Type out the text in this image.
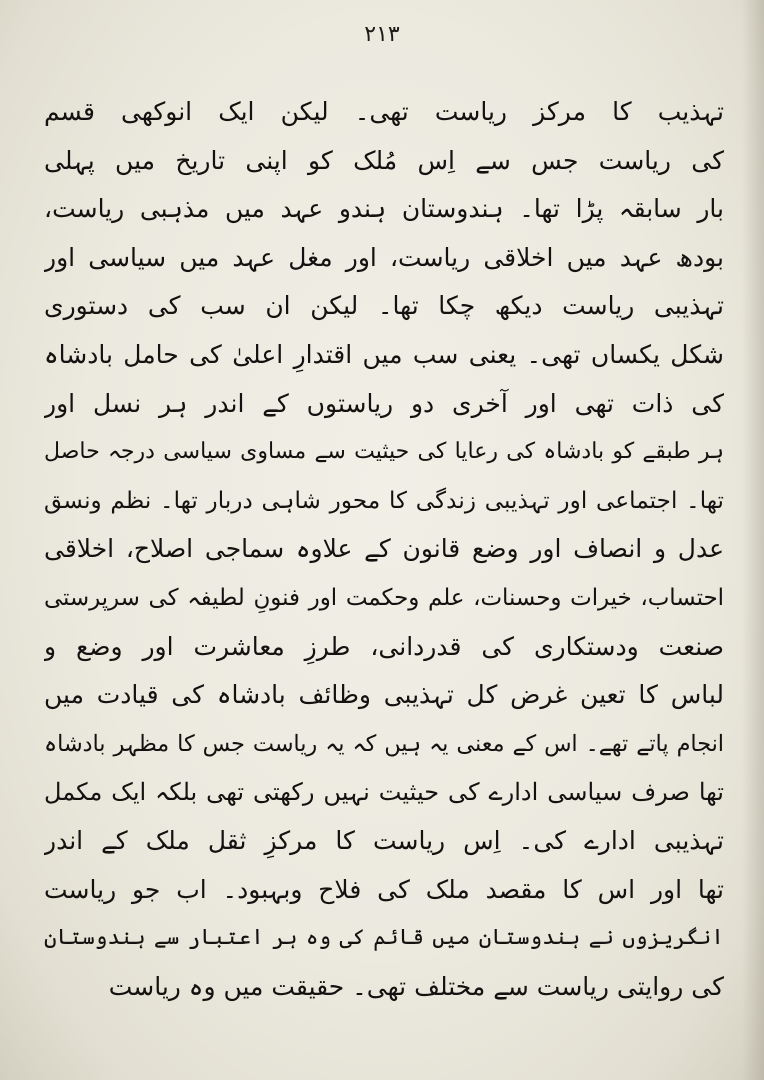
۲۱۳
تہذیب کا مرکز ریاست تھی۔ لیکن ایک انوکھی قسم
کی ریاست جس سے اِس مُلک کو اپنی تاریخ میں پہلی
بار سابقہ پڑا تھا۔ ہندوستان ہندو عہد میں مذہبی ریاست،
بودھ عہد میں اخلاقی ریاست، اور مغل عہد میں سیاسی اور
تہذیبی ریاست دیکھ چکا تھا۔ لیکن ان سب کی دستوری
شکل یکساں تھی۔ یعنی سب میں اقتدارِ اعلیٰ کی حامل بادشاہ
کی ذات تھی اور آخری دو ریاستوں کے اندر ہر نسل اور
ہر طبقے کو بادشاہ کی رعایا کی حیثیت سے مساوی سیاسی درجہ حاصل
تھا۔ اجتماعی اور تہذیبی زندگی کا محور شاہی دربار تھا۔ نظم ونسق
عدل و انصاف اور وضع قانون کے علاوہ سماجی اصلاح، اخلاقی
احتساب، خیرات وحسنات، علم وحکمت اور فنونِ لطیفہ کی سرپرستی
صنعت ودستکاری کی قدردانی، طرزِ معاشرت اور وضع و
لباس کا تعین غرض کل تہذیبی وظائف بادشاہ کی قیادت میں
انجام پاتے تھے۔ اس کے معنی یہ ہیں کہ یہ ریاست جس کا مظہر بادشاہ
تھا صرف سیاسی ادارے کی حیثیت نہیں رکھتی تھی بلکہ ایک مکمل
تہذیبی ادارے کی۔ اِس ریاست کا مرکزِ ثقل ملک کے اندر
تھا اور اس کا مقصد ملک کی فلاح وبہبود۔ اب جو ریاست
انگریزوں نے ہندوستان میں قائم کی وہ ہر اعتبار سے ہندوستان
کی روایتی ریاست سے مختلف تھی۔ حقیقت میں وہ ریاست
